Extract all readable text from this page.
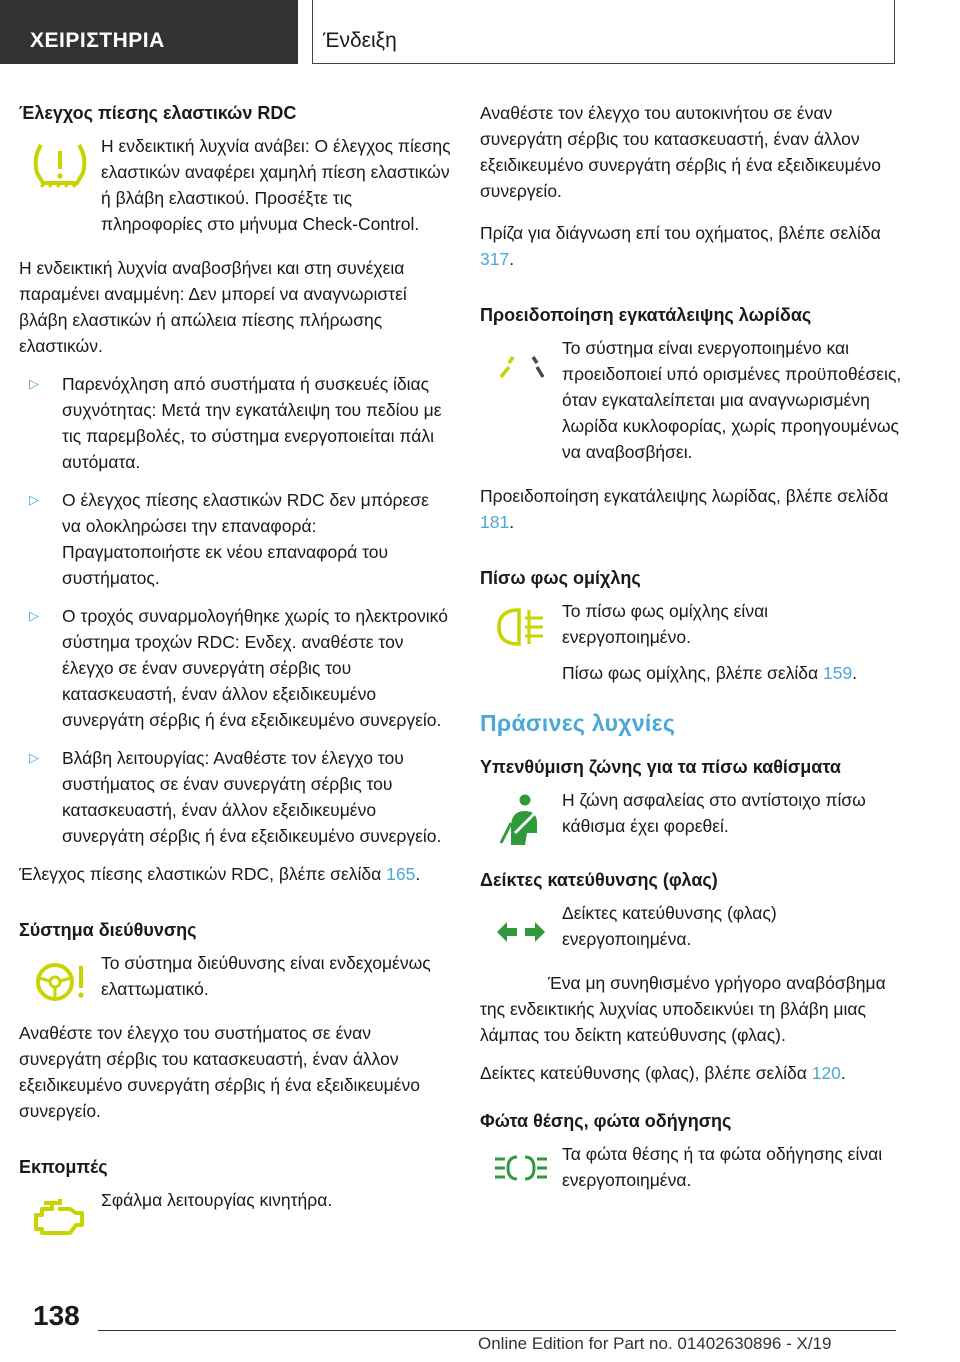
ΧΕΙΡΙΣΤΗΡΙΑ	Ένδειξη
Έλεγχος πίεσης ελαστικών RDC

Η ενδεικτική λυχνία ανάβει: Ο έλεγχος πίεσης ελαστικών αναφέρει χαμηλή πίεση ελαστικών ή βλάβη ελαστικού. Προσέξτε τις πληροφορίες στο μήνυμα Check-Control.

Η ενδεικτική λυχνία αναβοσβήνει και στη συνέχεια παραμένει αναμμένη: Δεν μπορεί να αναγνωριστεί βλάβη ελαστικών ή απώλεια πίεσης πλήρωσης ελαστικών.

▷ Παρενόχληση από συστήματα ή συσκευές ίδιας συχνότητας: Μετά την εγκατάλειψη του πεδίου με τις παρεμβολές, το σύστημα ενεργοποιείται πάλι αυτόματα.
▷ Ο έλεγχος πίεσης ελαστικών RDC δεν μπόρεσε να ολοκληρώσει την επαναφορά: Πραγματοποιήστε εκ νέου επαναφορά του συστήματος.
▷ Ο τροχός συναρμολογήθηκε χωρίς το ηλεκτρονικό σύστημα τροχών RDC: Ενδεχ. αναθέστε τον έλεγχο σε έναν συνεργάτη σέρβις του κατασκευαστή, έναν άλλον εξειδικευμένο συνεργάτη σέρβις ή ένα εξειδικευμένο συνεργείο.
▷ Βλάβη λειτουργίας: Αναθέστε τον έλεγχο του συστήματος σε έναν συνεργάτη σέρβις του κατασκευαστή, έναν άλλον εξειδικευμένο συνεργάτη σέρβις ή ένα εξειδικευμένο συνεργείο.

Έλεγχος πίεσης ελαστικών RDC, βλέπε σελίδα 165.

Σύστημα διεύθυνσης

Το σύστημα διεύθυνσης είναι ενδεχομένως ελαττωματικό.

Αναθέστε τον έλεγχο του συστήματος σε έναν συνεργάτη σέρβις του κατασκευαστή, έναν άλλον εξειδικευμένο συνεργάτη σέρβις ή ένα εξειδικευμένο συνεργείο.

Εκπομπές

Σφάλμα λειτουργίας κινητήρα.

Αναθέστε τον έλεγχο του αυτοκινήτου σε έναν συνεργάτη σέρβις του κατασκευαστή, έναν άλλον εξειδικευμένο συνεργάτη σέρβις ή ένα εξειδικευμένο συνεργείο.

Πρίζα για διάγνωση επί του οχήματος, βλέπε σελίδα 317.

Προειδοποίηση εγκατάλειψης λωρίδας

Το σύστημα είναι ενεργοποιημένο και προειδοποιεί υπό ορισμένες προϋποθέσεις, όταν εγκαταλείπεται μια αναγνωρισμένη λωρίδα κυκλοφορίας, χωρίς προηγουμένως να αναβοσβήσει.

Προειδοποίηση εγκατάλειψης λωρίδας, βλέπε σελίδα 181.

Πίσω φως ομίχλης

Το πίσω φως ομίχλης είναι ενεργοποιημένο.

Πίσω φως ομίχλης, βλέπε σελίδα 159.

Πράσινες λυχνίες
Υπενθύμιση ζώνης για τα πίσω καθίσματα

Η ζώνη ασφαλείας στο αντίστοιχο πίσω κάθισμα έχει φορεθεί.

Δείκτες κατεύθυνσης (φλας)

Δείκτες κατεύθυνσης (φλας) ενεργοποιημένα.

Ένα μη συνηθισμένο γρήγορο αναβόσβημα της ενδεικτικής λυχνίας υποδεικνύει τη βλάβη μιας λάμπας του δείκτη κατεύθυνσης (φλας).

Δείκτες κατεύθυνσης (φλας), βλέπε σελίδα 120.

Φώτα θέσης, φώτα οδήγησης

Τα φώτα θέσης ή τα φώτα οδήγησης είναι ενεργοποιημένα.

138
Online Edition for Part no. 01402630896 - X/19
